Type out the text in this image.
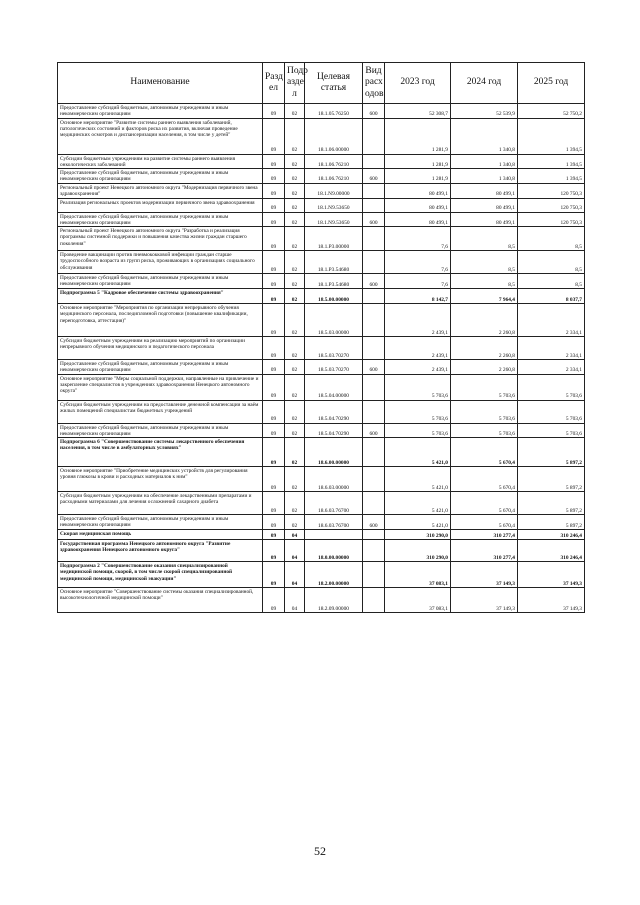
Наименование	Разд ел	Подр азде л	Целевая статья	Вид расх одов	2023 год	2024 год	2025 год
Предоставление субсидий бюджетным, автономным учреждениям и иным некоммерческим организациям	09	02	18.1.05.76250	600	52 308,7	52 539,9	52 750,2
Основное мероприятие "Развитие системы раннего выявления заболеваний, патологических состояний и факторов риска их развития, включая проведение медицинских осмотров и диспансеризации населения, в том числе у детей"	09	02	18.1.06.00000		1 281,9	1 340,8	1 394,5
Субсидии бюджетным учреждениям на развитие системы раннего выявления онкологических заболеваний	09	02	18.1.06.76210		1 281,9	1 340,8	1 394,5
Предоставление субсидий бюджетным, автономным учреждениям и иным некоммерческим организациям	09	02	18.1.06.76210	600	1 281,9	1 340,8	1 394,5
Региональный проект Ненецкого автономного округа "Модернизация первичного звена здравоохранения"	09	02	18.1.N9.00000		80 499,1	80 499,1	120 750,3
Реализация региональных проектов модернизации первичного звена здравоохранения	09	02	18.1.N9.53650		80 499,1	80 499,1	120 750,3
Предоставление субсидий бюджетным, автономным учреждениям и иным некоммерческим организациям	09	02	18.1.N9.53650	600	80 499,1	80 499,1	120 750,3
Региональный проект Ненецкого автономного округа "Разработка и реализация программы системной поддержки и повышения качества жизни граждан старшего поколения"	09	02	18.1.P3.00000		7,6	8,5	8,5
Проведение вакцинации против пневмококковой инфекции граждан старше трудоспособного возраста из групп риска, проживающих в организациях социального обслуживания	09	02	18.1.P3.54680		7,6	8,5	8,5
Предоставление субсидий бюджетным, автономным учреждениям и иным некоммерческим организациям	09	02	18.1.P3.54680	600	7,6	8,5	8,5
Подпрограмма 5 "Кадровое обеспечение системы здравоохранения"	09	02	18.5.00.00000		8 142,7	7 964,4	8 037,7
Основное мероприятие "Мероприятия по организации непрерывного обучения медицинского персонала, последипломной подготовки (повышение квалификации, переподготовка, аттестация)"	09	02	18.5.03.00000		2 439,1	2 260,8	2 334,1
Субсидии бюджетным учреждениям на реализацию мероприятий по организации непрерывного обучения медицинского и педагогического персонала	09	02	18.5.03.70270		2 439,1	2 260,8	2 334,1
Предоставление субсидий бюджетным, автономным учреждениям и иным некоммерческим организациям	09	02	18.5.03.70270	600	2 439,1	2 260,8	2 334,1
Основное мероприятие "Меры социальной поддержки, направленные на привлечение и закрепление специалистов в учреждениях здравоохранения Ненецкого автономного округа"	09	02	18.5.04.00000		5 703,6	5 703,6	5 703,6
Субсидии бюджетным учреждениям на предоставление денежной компенсации за наём жилых помещений специалистам бюджетных учреждений	09	02	18.5.04.70290		5 703,6	5 703,6	5 703,6
Предоставление субсидий бюджетным, автономным учреждениям и иным некоммерческим организациям	09	02	18.5.04.70290	600	5 703,6	5 703,6	5 703,6
Подпрограмма 6 "Совершенствование системы лекарственного обеспечения населения, в том числе в амбулаторных условиях"	09	02	18.6.00.00000		5 421,0	5 670,4	5 897,2
Основное мероприятие "Приобретение медицинских устройств для регулирования уровня глюкозы в крови и расходных материалов к ним"	09	02	18.6.03.00000		5 421,0	5 670,4	5 897,2
Субсидии бюджетным учреждениям на обеспечение лекарственными препаратами и расходными материалами для лечения осложнений сахарного диабета	09	02	18.6.03.76700		5 421,0	5 670,4	5 897,2
Предоставление субсидий бюджетным, автономным учреждениям и иным некоммерческим организациям	09	02	18.6.03.76700	600	5 421,0	5 670,4	5 897,2
Скорая медицинская помощь	09	04			310 290,0	310 277,4	310 246,4
Государственная программа Ненецкого автономного округа "Развитие здравоохранения Ненецкого автономного округа"	09	04	18.0.00.00000		310 290,0	310 277,4	310 246,4
Подпрограмма 2 "Совершенствование оказания специализированной медицинской помощи, скорой, в том числе скорой специализированной медицинской помощи, медицинской эвакуации"	09	04	18.2.00.00000		37 083,1	37 149,3	37 149,3
Основное мероприятие "Совершенствование системы оказания специализированной, высокотехнологичной медицинской помощи"	09	04	18.2.09.00000		37 083,1	37 149,3	37 149,3
52
